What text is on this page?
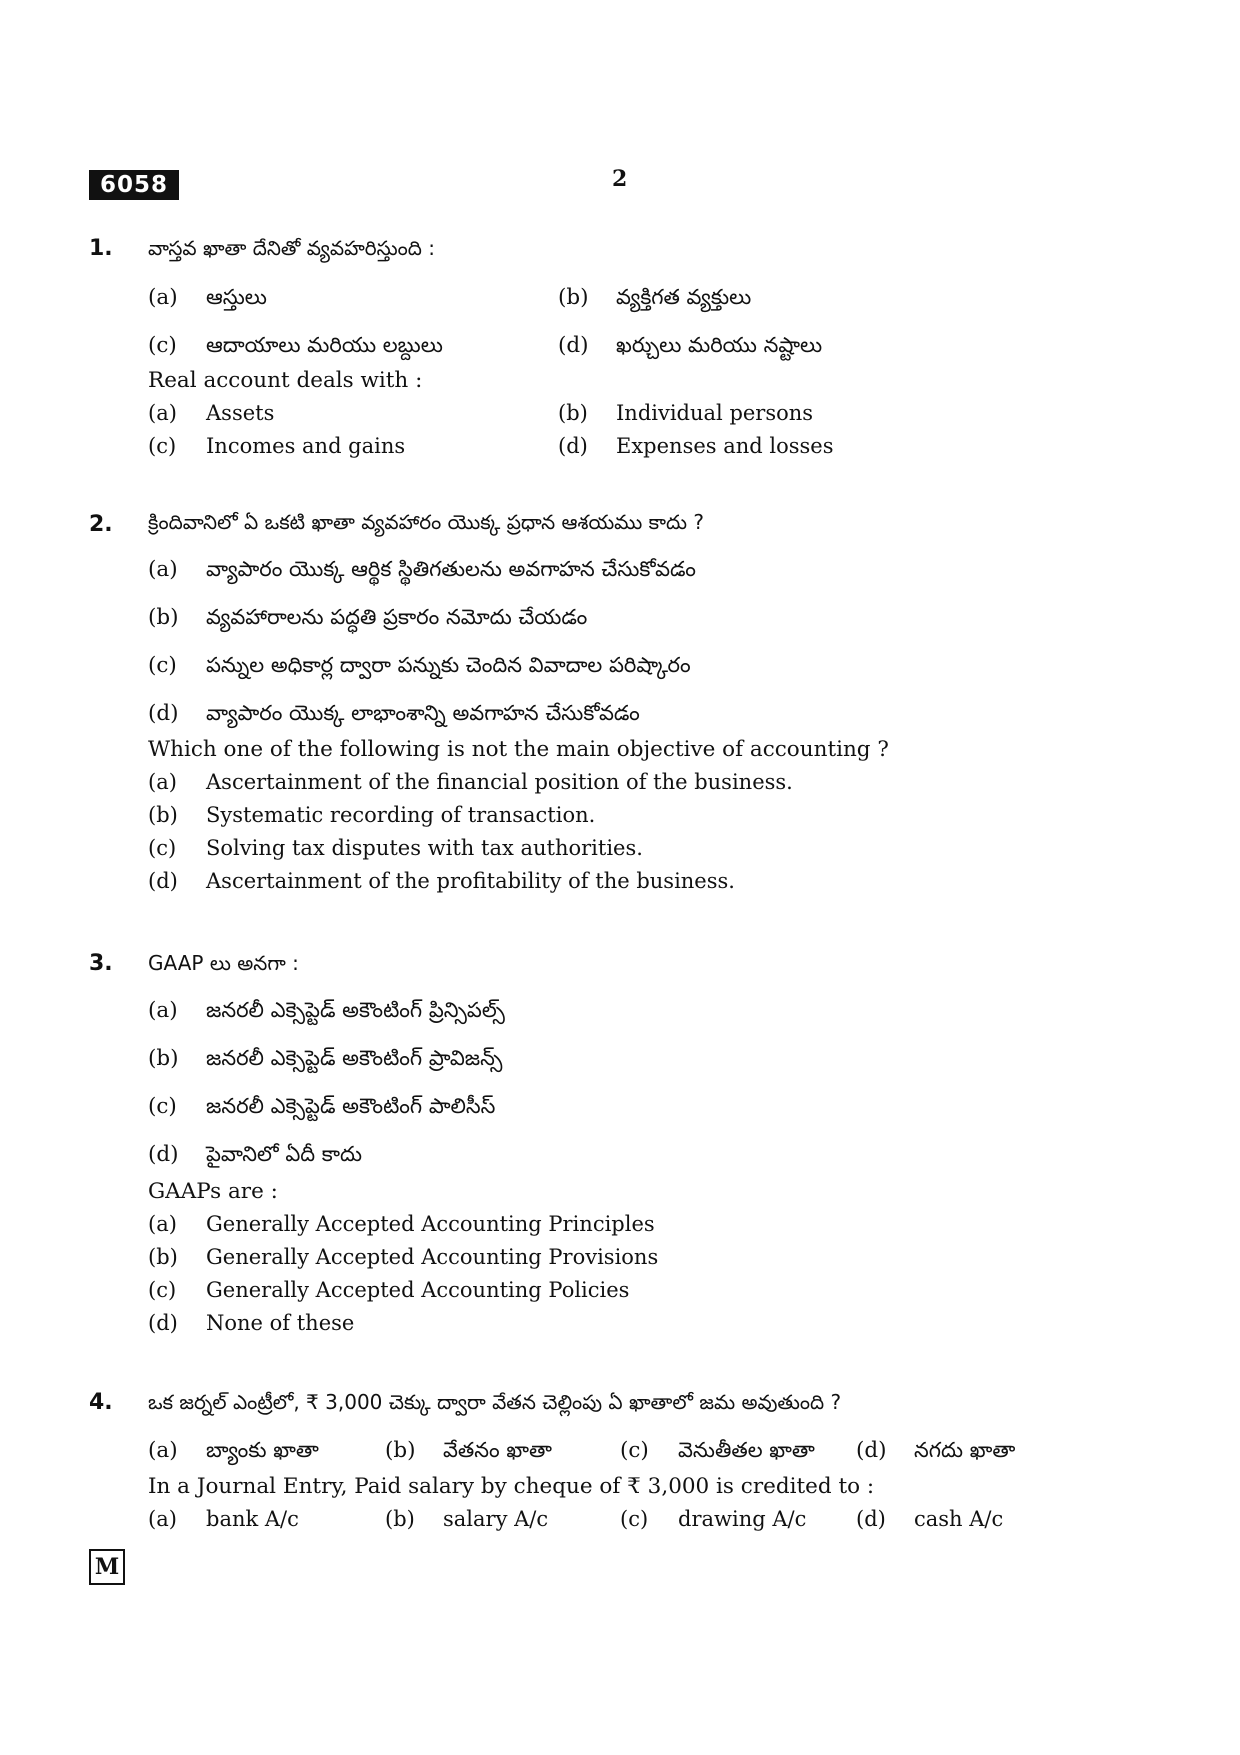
6058	2
1. వాస్తవ ఖాతా దేనితో వ్యవహరిస్తుంది :
(a) ఆస్తులు	(b) వ్యక్తిగత వ్యక్తులు
(c) ఆదాయాలు మరియు లబ్దులు	(d) ఖర్చులు మరియు నష్టాలు
Real account deals with :
(a) Assets	(b) Individual persons
(c) Incomes and gains	(d) Expenses and losses
2. క్రిందివానిలో ఏ ఒకటి ఖాతా వ్యవహారం యొక్క ప్రధాన ఆశయము కాదు ?
(a) వ్యాపారం యొక్క ఆర్థిక స్థితిగతులను అవగాహన చేసుకోవడం
(b) వ్యవహారాలను పద్ధతి ప్రకారం నమోదు చేయడం
(c) పన్నుల అధికార్ల ద్వారా పన్నుకు చెందిన వివాదాల పరిష్కారం
(d) వ్యాపారం యొక్క లాభాంశాన్ని అవగాహన చేసుకోవడం
Which one of the following is not the main objective of accounting ?
(a) Ascertainment of the financial position of the business.
(b) Systematic recording of transaction.
(c) Solving tax disputes with tax authorities.
(d) Ascertainment of the profitability of the business.
3. GAAP లు అనగా :
(a) జనరలీ ఎక్సెప్టెడ్ అకౌంటింగ్ ప్రిన్సిపల్స్
(b) జనరలీ ఎక్సెప్టెడ్ అకౌంటింగ్ ప్రావిజన్స్
(c) జనరలీ ఎక్సెప్టెడ్ అకౌంటింగ్ పాలిసీస్
(d) పైవానిలో ఏదీ కాదు
GAAPs are :
(a) Generally Accepted Accounting Principles
(b) Generally Accepted Accounting Provisions
(c) Generally Accepted Accounting Policies
(d) None of these
4. ఒక జర్నల్ ఎంట్రీలో, ₹ 3,000 చెక్కు ద్వారా వేతన చెల్లింపు ఏ ఖాతాలో జమ అవుతుంది ?
(a) బ్యాంకు ఖాతా	(b) వేతనం ఖాతా	(c) వెనుతీతల ఖాతా (d) నగదు ఖాతా
In a Journal Entry, Paid salary by cheque of ₹ 3,000 is credited to :
(a) bank A/c	(b) salary A/c	(c) drawing A/c (d) cash A/c
M
